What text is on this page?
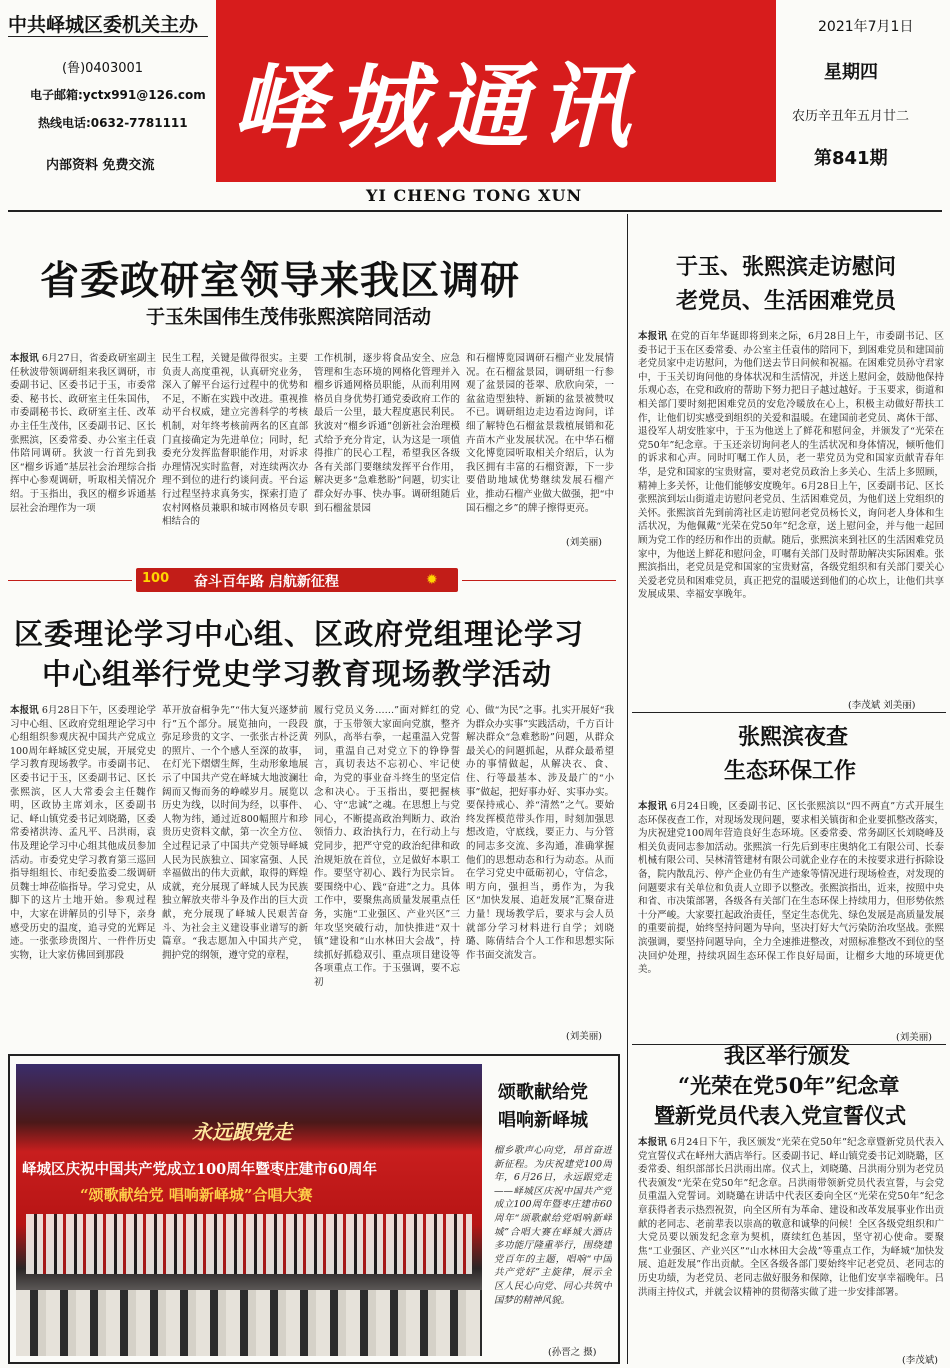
中共峄城区委机关主办
(鲁)0403001
电子邮箱:yctx991@126.com
热线电话:0632-7781111
内部资料 免费交流
峄城通讯
YI CHENG TONG XUN
2021年7月1日
星期四
农历辛丑年五月廿二
第841期
省委政研室领导来我区调研
于玉朱国伟生茂伟张熙滨陪同活动
本报讯 6月27日，省委政研室副主任秋波带领调研组来我区调研，市委副书记、区委书记于玉，市委常委、秘书长、政研室主任朱国伟，市委副秘书长、政研室主任、改革办主任生茂伟，区委副书记、区长张熙滨，区委常委、办公室主任袁伟陪同调研。狄波一行首先到我区“榴乡诉通”基层社会治理综合指挥中心参观调研，听取相关情况介绍。于玉指出，我区的榴乡诉通基层社会治理作为一项
民生工程，关键是做得很实。主要负责人高度重视，认真研究业务，深入了解平台运行过程中的优势和不足，不断在实践中改进。重视推动平台权威，建立完善科学的考核机制，对年终考核前两名的区直部门直接确定为先进单位；同时，纪委充分发挥监督职能作用，对诉求办理情况实时监督，对连续两次办理不到位的进行约谈问责。平台运行过程坚持求真务实，探索打造了农村网格员兼职和城市网格员专职相结合的
工作机制，逐步将食品安全、应急管理和生态环境的网格化管理并入榴乡诉通网格员职能，从而利用网格员自身优势打通党委政府工作的最后一公里，最大程度惠民利民。狄波对“榴乡诉通”创新社会治理模式给予充分肯定，认为这是一项值得推广的民心工程，希望我区各级各有关部门要继续发挥平台作用，解决更多“急难愁盼”问题，切实让群众好办事、快办事。调研组随后到石榴盆景园
和石榴博览园调研石榴产业发展情况。在石榴盆景园，调研组一行参观了盆景园的苍翠、欣欣向荣，一盆盆造型独特、新颖的盆景被赞叹不已。调研组边走边看边询问，详细了解特色石榴盆景栽植展销和花卉苗木产业发展状况。在中华石榴文化博览园听取相关介绍后，认为我区拥有丰富的石榴资源，下一步要借助地域优势继续发展石榴产业，推动石榴产业做大做强，把“中国石榴之乡”的牌子擦得更亮。
(刘美丽)
100 奋斗百年路 启航新征程	✹
区委理论学习中心组、区政府党组理论学习
中心组举行党史学习教育现场教学活动
本报讯 6月28日下午，区委理论学习中心组、区政府党组理论学习中心组组织参观庆祝中国共产党成立100周年峄城区党史展，开展党史学习教育现场教学。市委副书记、区委书记于玉，区委副书记、区长张熙滨，区人大常委会主任魏作明，区政协主席刘永，区委副书记、峄山镇党委书记刘晓璐，区委常委褚洪涛、孟凡平、吕洪雨，袁伟及理论学习中心组其他成员参加活动。市委党史学习教育第三巡回指导组组长、市纪委监委二级调研员魏士坤莅临指导。学习党史，从脚下的这片土地开始。参观过程中，大家在讲解员的引导下，亲身感受历史的温度，追寻党的光辉足迹。一张张珍贵图片、一件件历史实物，让大家仿佛回到那段
革开放奋楫争先”“伟大复兴逐梦前行”五个部分。展览抽向，一段段弥足珍贵的文字、一张张古朴泛黄的照片、一个个感人至深的故事，在灯光下熠熠生辉，生动形象地展示了中国共产党在峄城大地波澜壮阔而又悔而务的峥嵘岁月。展览以历史为线，以时间为经，以事件、人物为纬，通过近800幅照片和珍贵历史资料文献，第一次全方位、全过程记录了中国共产党领导峄城人民为民族独立、国家富强、人民幸福做出的伟大贡献，取得的辉煌成就，充分展现了峄城人民为民族独立解放夹带斗争及作出的巨大贡献，充分展现了峄城人民艰苦奋斗、为社会主义建设事业谱写的新篇章。“我志愿加入中国共产党，拥护党的纲领，遵守党的章程，
履行党员义务……”面对鲜红的党旗，于玉带领大家面向党旗，整齐列队，高举右拳，一起重温入党誓词，重温自己对党立下的铮铮誓言，真切表达不忘初心、牢记使命，为党的事业奋斗终生的坚定信念和决心。于玉指出，要把握核心、守“忠诚”之魂。在思想上与党同心，不断提高政治判断力、政治领悟力、政治执行力，在行动上与党同步，把严守党的政治纪律和政治规矩放在首位，立足做好本职工作。要坚守初心、践行为民宗旨。要围绕中心、践“奋进”之力。具体工作中，要聚焦高质量发展重点任务，实施“工业强区、产业兴区”三年攻坚突破行动，加快推进“双十镇”建设和“山水林田大会战”，持续抓好抓稳双引、重点项目建设等各项重点工作。于玉强调，要不忘初
心、做“为民”之事。扎实开展好“我为群众办实事”实践活动，千方百计解决群众“急难愁盼”问题，从群众最关心的问题抓起，从群众最希望办的事情做起，从解决衣、食、住、行等最基本、涉及最广的“小事”做起，把好事办好、实事办实。要保持戒心、养“清然”之气。要始终发挥模范带头作用，时刻加强思想改造，守底线，要正力、与分管的同志多交流、多沟通，准确掌握他们的思想动态和行为动态。从而在学习党史中砥砺初心，守信念，明方向，强担当，勇作为，为我区“加快发展、追赶发展”汇聚奋进力量！现场教学后，要求与会人员就部分学习材料进行自学；刘晓璐、陈倩结合个人工作和思想实际作书面交流发言。
(刘美丽)
永远跟党走
峄城区庆祝中国共产党成立100周年暨枣庄建市60周年
“颂歌献给党 唱响新峄城”合唱大赛
颂歌献给党
唱响新峄城
榴乡歌声心向党，昂首奋进新征程。为庆祝建党100周年，6月26日，永远跟党走——峄城区庆祝中国共产党成立100周年暨枣庄建市60周年“颂歌献给党唱响新峄城”合唱大赛在峄城大酒店多功能厅隆重举行，围绕建党百年的主题，唱响“中国共产党好”主旋律，展示全区人民心向党、同心共筑中国梦的精神风貌。
(孙晋之 摄)
于玉、张熙滨走访慰问
老党员、生活困难党员
本报讯 在党的百年华诞即将到来之际，6月28日上午，市委副书记、区委书记于玉在区委常委、办公室主任袁伟的陪同下，到困难党员和建国前老党员家中走访慰问，为他们送去节日问候和祝福。在困难党员孙守君家中，于玉关切询问他的身体状况和生活情况，并送上慰问金，鼓励他保持乐观心态，在党和政府的帮助下努力把日子越过越好。于玉要求，街道和相关部门要时刻把困难党员的安危冷暖放在心上，积极主动做好帮扶工作，让他们切实感受到组织的关爱和温暖。在建国前老党员、离休干部、退役军人胡安胜家中，于玉为他送上了鲜花和慰问金，并颁发了“光荣在党50年”纪念章。于玉还亲切询问老人的生活状况和身体情况，倾听他们的诉求和心声。同时叮嘱工作人员，老一辈党员为党和国家贡献青春年华，是党和国家的宝贵财富，要对老党员政治上多关心、生活上多照顾，精神上多关怀，让他们能够安度晚年。6月28日上午，区委副书记、区长张熙滨到坛山街道走访慰问老党员、生活困难党员，为他们送上党组织的关怀。张熙滨首先到前湾社区走访慰问老党员杨长义，询问老人身体和生活状况，为他佩戴“光荣在党50年”纪念章，送上慰问金，并与他一起回顾为党工作的经历和作出的贡献。随后，张熙滨来到社区的生活困难党员家中，为他送上鲜花和慰问金，叮嘱有关部门及时帮助解决实际困难。张熙滨指出，老党员是党和国家的宝贵财富，各级党组织和有关部门要关心关爱老党员和困难党员，真正把党的温暖送到他们的心坎上，让他们共享发展成果、幸福安享晚年。
(李茂斌 刘美丽)
张熙滨夜查
生态环保工作
本报讯 6月24日晚，区委副书记、区长张熙滨以“四不两直”方式开展生态环保夜查工作，对现场发现问题，要求相关镇街和企业要抓整改落实，为庆祝建党100周年营造良好生态环境。区委常委、常务副区长刘晓峰及相关负责同志参加活动。张熙滨一行先后到枣庄奥纳化工有限公司、长泰机械有限公司、吴林清管建材有限公司就企业存在的未按要求进行拆除设备，院内散乱污、停产企业仍有生产迹象等情况进行现场检查，对发现的问题要求有关单位和负责人立即予以整改。张熙滨指出，近来，按照中央和省、市决策部署，各级各有关部门在生态环保上持续用力，但形势依然十分严峻。大家要扛起政治责任，坚定生态优先、绿色发展是高质量发展的重要前提，始终坚持问题为导向，坚决打好大气污染防治攻坚战。张熙滨强调，要坚持问题导向，全力全速推进整改，对照标准整改不到位的坚决回炉处理，持续巩固生态环保工作良好局面，让榴乡大地的环境更优美。
(刘美丽)
我区举行颁发
“光荣在党50年”纪念章
暨新党员代表入党宣誓仪式
本报讯 6月24日下午，我区颁发“光荣在党50年”纪念章暨新党员代表入党宣誓仪式在峄州大酒店举行。区委副书记、峄山镇党委书记刘晓璐，区委常委、组织部部长吕洪雨出席。仪式上，刘晓璐、吕洪雨分别为老党员代表颁发“光荣在党50年”纪念章。吕洪雨带领新党员代表宣誓，与会党员重温入党誓词。刘晓璐在讲话中代表区委向全区“光荣在党50年”纪念章获得者表示热烈祝贺，向全区所有为革命、建设和改革发展事业作出贡献的老同志、老前辈表以崇高的敬意和诚挚的问候！全区各级党组织和广大党员要以颁发纪念章为契机，赓续红色基因，坚守初心使命。要聚焦“工业强区、产业兴区”“山水林田大会战”等重点工作，为峄城“加快发展、追赶发展”作出贡献。全区各级各部门要始终牢记老党员、老同志的历史功绩，为老党员、老同志做好服务和保障，让他们安享幸福晚年。吕洪雨主持仪式，并就会议精神的贯彻落实做了进一步安排部署。
(李茂斌)
